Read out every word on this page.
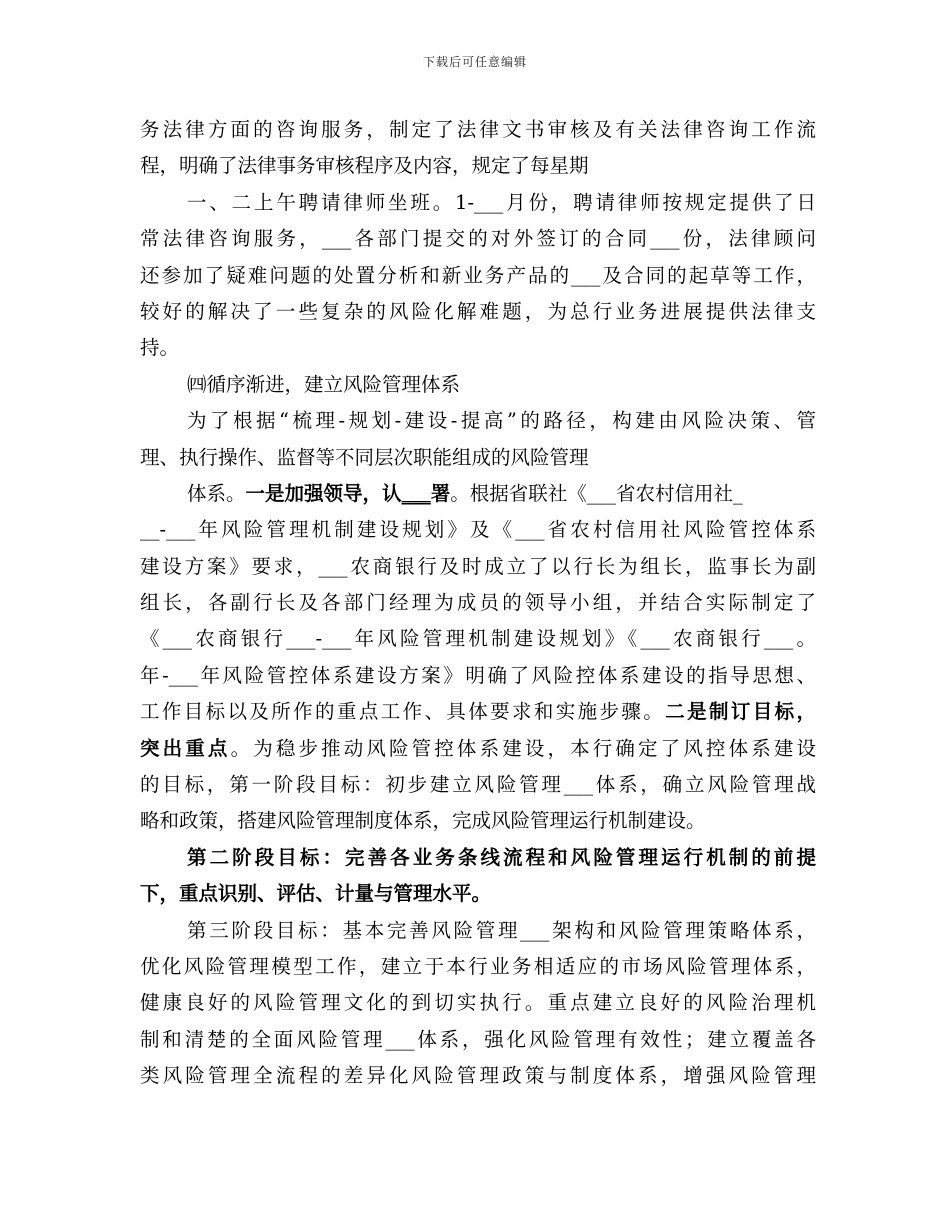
下载后可任意编辑
务法律方面的咨询服务，制定了法律文书审核及有关法律咨询工作流
程，明确了法律事务审核程序及内容，规定了每星期
一、二上午聘请律师坐班。1-___月份，聘请律师按规定提供了日
常法律咨询服务，___各部门提交的对外签订的合同___份，法律顾问
还参加了疑难问题的处置分析和新业务产品的___及合同的起草等工作，
较好的解决了一些复杂的风险化解难题，为总行业务进展提供法律支
持。
㈣循序渐进，建立风险管理体系
为了根据“梳理-规划-建设-提高”的路径，构建由风险决策、管
理、执行操作、监督等不同层次职能组成的风险管理
体系。一是加强领导，认___署。根据省联社《___省农村信用社_
__-___年风险管理机制建设规划》及《___省农村信用社风险管控体系
建设方案》要求，___农商银行及时成立了以行长为组长，监事长为副
组长，各副行长及各部门经理为成员的领导小组，并结合实际制定了
《___农商银行___-___年风险管理机制建设规划》《___农商银行___。
年-___年风险管控体系建设方案》明确了风险控体系建设的指导思想、
工作目标以及所作的重点工作、具体要求和实施步骤。二是制订目标，
突出重点。为稳步推动风险管控体系建设，本行确定了风控体系建设
的目标，第一阶段目标：初步建立风险管理___体系，确立风险管理战
略和政策，搭建风险管理制度体系，完成风险管理运行机制建设。
第二阶段目标：完善各业务条线流程和风险管理运行机制的前提
下，重点识别、评估、计量与管理水平。
第三阶段目标：基本完善风险管理___架构和风险管理策略体系，
优化风险管理模型工作，建立于本行业务相适应的市场风险管理体系，
健康良好的风险管理文化的到切实执行。重点建立良好的风险治理机
制和清楚的全面风险管理___体系，强化风险管理有效性；建立覆盖各
类风险管理全流程的差异化风险管理政策与制度体系，增强风险管理
